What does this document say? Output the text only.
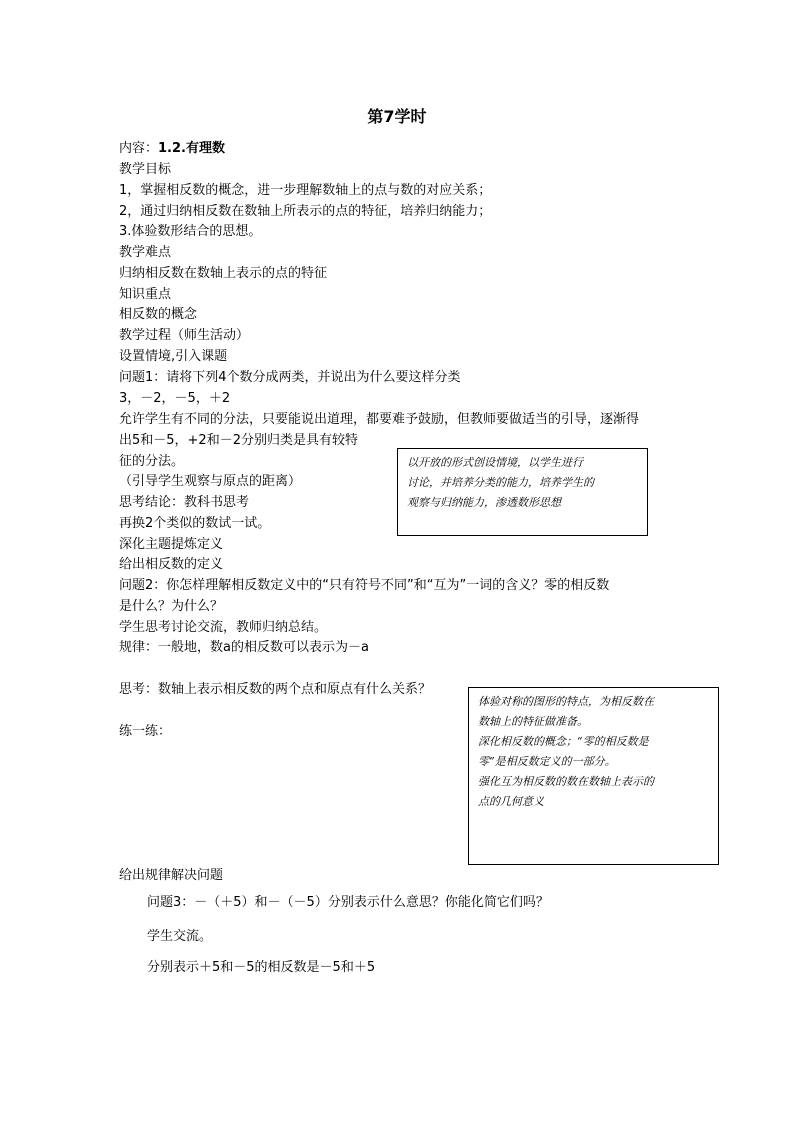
第7学时
内容：1.2.有理数
教学目标
1，掌握相反数的概念，进一步理解数轴上的点与数的对应关系；
2，通过归纳相反数在数轴上所表示的点的特征，培养归纳能力；
3.体验数形结合的思想。
教学难点
归纳相反数在数轴上表示的点的特征
知识重点
相反数的概念
教学过程（师生活动）
设置情境,引入课题
问题1：请将下列4个数分成两类，并说出为什么要这样分类
3，－2，－5，＋2
允许学生有不同的分法，只要能说出道理，都要难予鼓励，但教师要做适当的引导，逐渐得
出5和－5，+2和－2分别归类是具有较特
征的分法。
（引导学生观察与原点的距离）
思考结论：教科书思考
再换2个类似的数试一试。
深化主题提炼定义
给出相反数的定义
问题2：你怎样理解相反数定义中的“只有符号不同”和“互为”一词的含义？零的相反数
是什么？为什么？
学生思考讨论交流，教师归纳总结。
规律：一般地，数a的相反数可以表示为－a
思考：数轴上表示相反数的两个点和原点有什么关系？
练一练：
给出规律解决问题
问题3：－（＋5）和－（－5）分别表示什么意思？你能化简它们吗？
学生交流。
分别表示＋5和－5的相反数是－5和＋5
以开放的形式创设情境，以学生进行
讨论，并培养分类的能力，培养学生的
观察与归纳能力，渗透数形思想
体验对称的图形的特点，为相反数在
数轴上的特征做准备。
深化相反数的概念；“零的相反数是
零”是相反数定义的一部分。
强化互为相反数的数在数轴上表示的
点的几何意义
